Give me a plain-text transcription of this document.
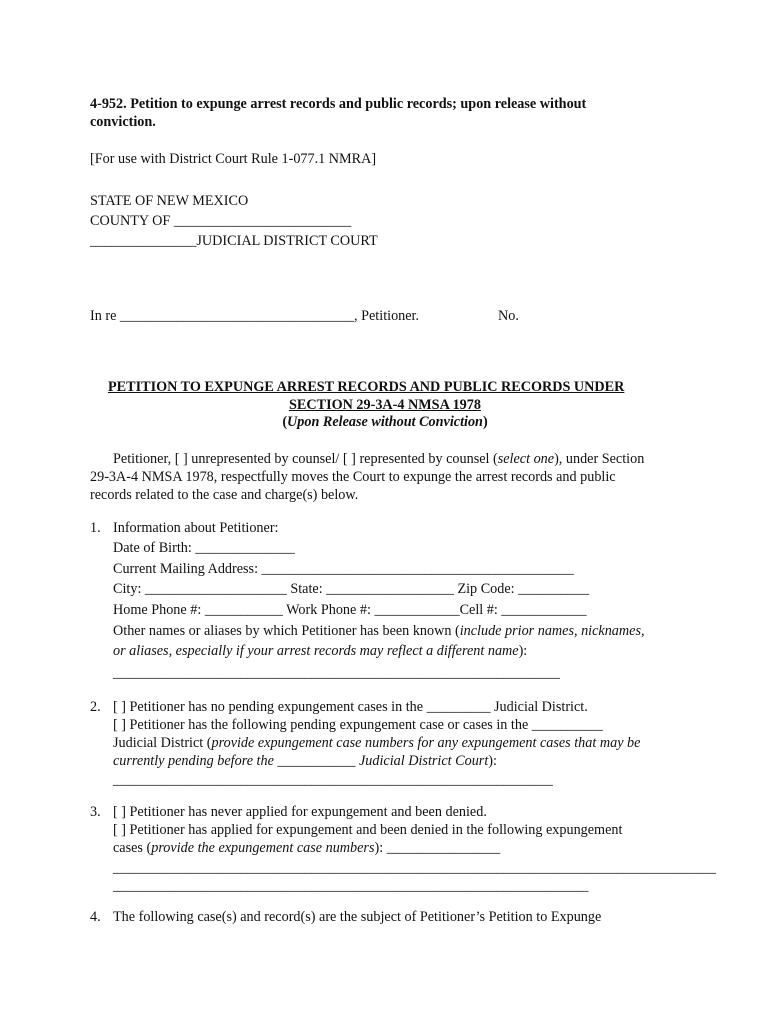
4-952. Petition to expunge arrest records and public records; upon release without
conviction.
[For use with District Court Rule 1-077.1 NMRA]
STATE OF NEW MEXICO
COUNTY OF _________________________
_______________JUDICIAL DISTRICT COURT
In re _________________________________, Petitioner.	No.
PETITION TO EXPUNGE ARREST RECORDS AND PUBLIC RECORDS UNDER
SECTION 29-3A-4 NMSA 1978
(Upon Release without Conviction)
Petitioner, [ ] unrepresented by counsel/ [ ] represented by counsel (select one), under Section
29-3A-4 NMSA 1978, respectfully moves the Court to expunge the arrest records and public
records related to the case and charge(s) below.
1. Information about Petitioner:
Date of Birth: ______________
Current Mailing Address: ____________________________________________
City: ____________________ State: __________________ Zip Code: __________
Home Phone #: ___________ Work Phone #: ____________Cell #: ____________
Other names or aliases by which Petitioner has been known (include prior names, nicknames,
or aliases, especially if your arrest records may reflect a different name):
_______________________________________________________________
2. [ ] Petitioner has no pending expungement cases in the _________ Judicial District.
[ ] Petitioner has the following pending expungement case or cases in the __________
Judicial District (provide expungement case numbers for any expungement cases that may be
currently pending before the ___________ Judicial District Court):
______________________________________________________________
3. [ ] Petitioner has never applied for expungement and been denied.
[ ] Petitioner has applied for expungement and been denied in the following expungement
cases (provide the expungement case numbers): ________________
_____________________________________________________________________________________
___________________________________________________________________
4. The following case(s) and record(s) are the subject of Petitioner’s Petition to Expunge
